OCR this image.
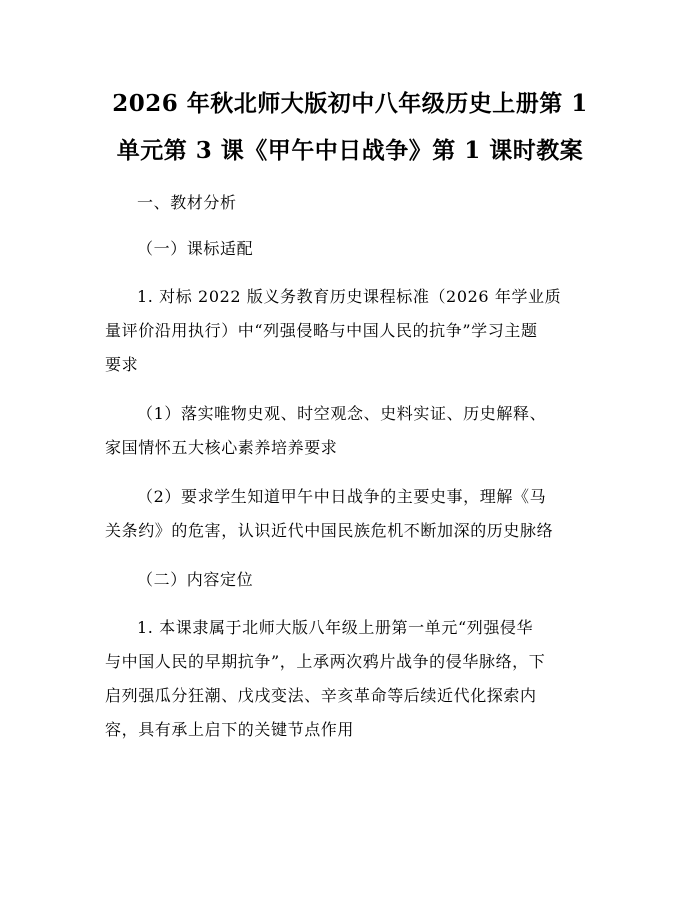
2026 年秋北师大版初中八年级历史上册第 1
单元第 3 课《甲午中日战争》第 1 课时教案
一、教材分析
（一）课标适配
1. 对标 2022 版义务教育历史课程标准（2026 年学业质
量评价沿用执行）中“列强侵略与中国人民的抗争”学习主题
要求
（1）落实唯物史观、时空观念、史料实证、历史解释、
家国情怀五大核心素养培养要求
（2）要求学生知道甲午中日战争的主要史事，理解《马
关条约》的危害，认识近代中国民族危机不断加深的历史脉络
（二）内容定位
1. 本课隶属于北师大版八年级上册第一单元“列强侵华
与中国人民的早期抗争”，上承两次鸦片战争的侵华脉络，下
启列强瓜分狂潮、戊戌变法、辛亥革命等后续近代化探索内
容，具有承上启下的关键节点作用
